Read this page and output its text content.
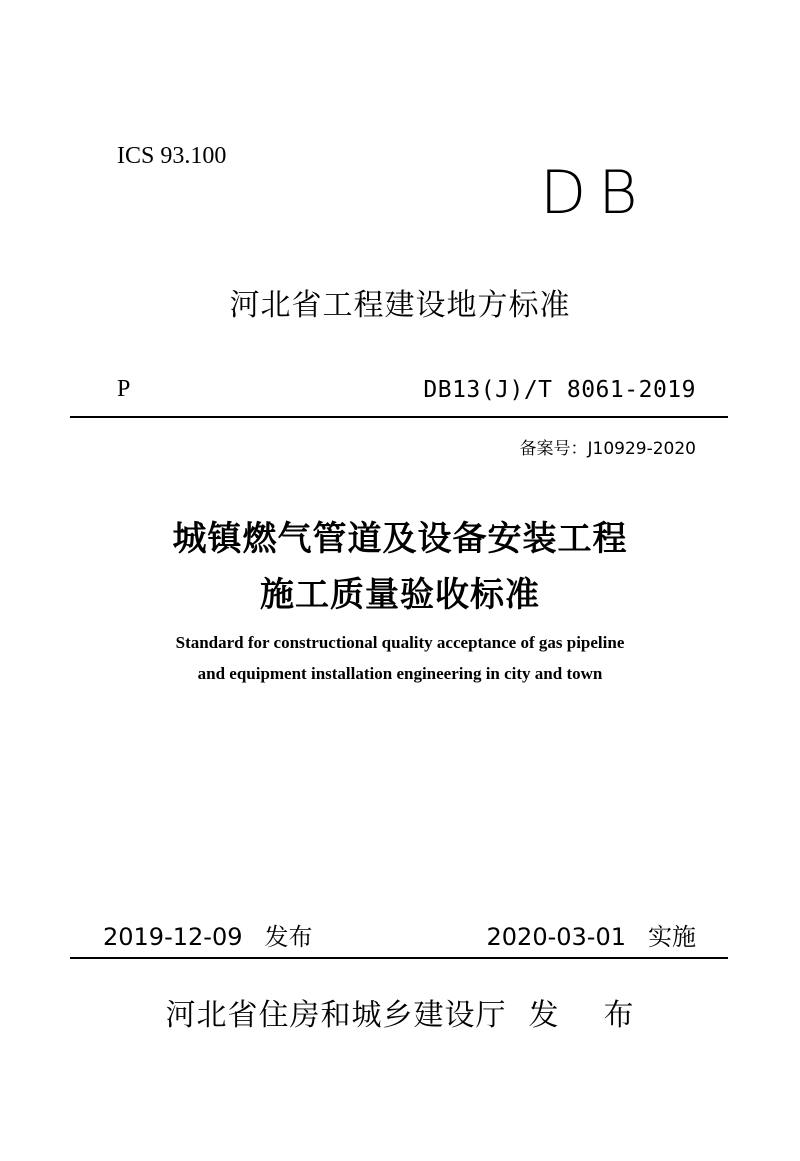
ICS 93.100
DB
河北省工程建设地方标准
P	DB13(J)/T 8061-2019
备案号：J10929-2020
城镇燃气管道及设备安装工程
施工质量验收标准
Standard for constructional quality acceptance of gas pipeline
and equipment installation engineering in city and town
2019-12-09 发布	2020-03-01 实施
河北省住房和城乡建设厅 发 布
